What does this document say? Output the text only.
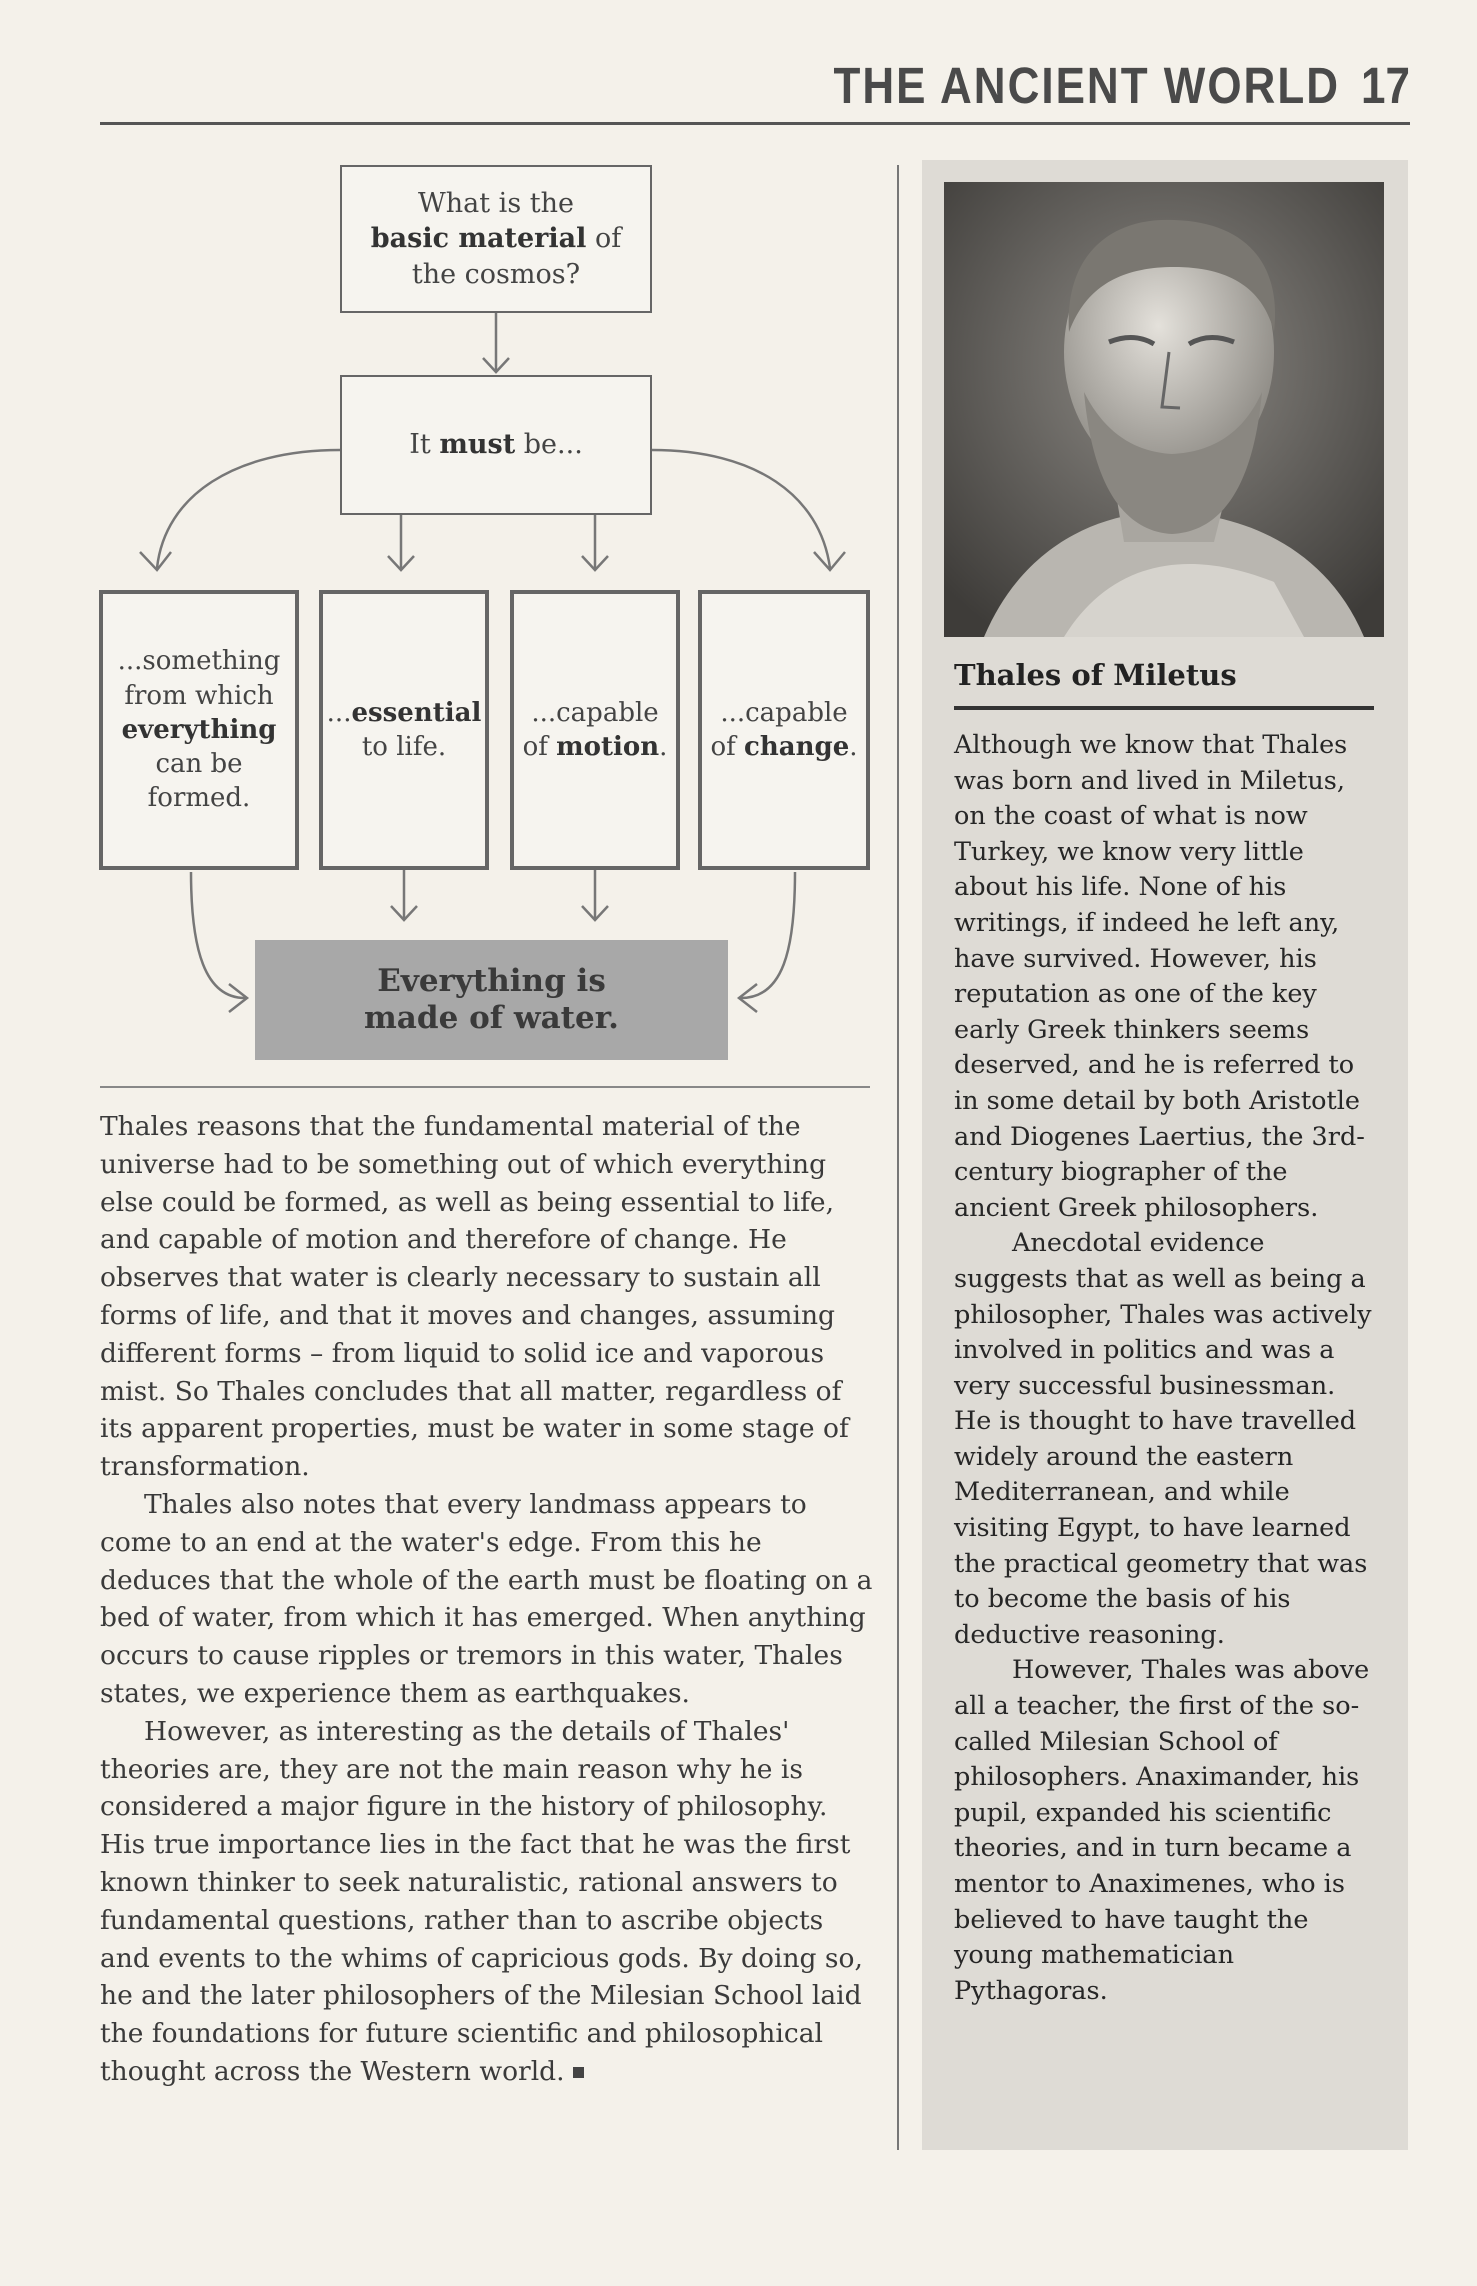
THE ANCIENT WORLD 17
What is the
basic material of
the cosmos?
It must be...
...something from which everything can be formed.
...essential to life.
...capable of motion.
...capable of change.
Everything is
made of water.

Thales reasons that the fundamental material of the universe had to be something out of which everything else could be formed, as well as being essential to life, and capable of motion and therefore of change. He observes that water is clearly necessary to sustain all forms of life, and that it moves and changes, assuming different forms – from liquid to solid ice and vaporous mist. So Thales concludes that all matter, regardless of its apparent properties, must be water in some stage of transformation.

Thales also notes that every landmass appears to come to an end at the water's edge. From this he deduces that the whole of the earth must be floating on a bed of water, from which it has emerged. When anything occurs to cause ripples or tremors in this water, Thales states, we experience them as earthquakes.

However, as interesting as the details of Thales' theories are, they are not the main reason why he is considered a major figure in the history of philosophy. His true importance lies in the fact that he was the first known thinker to seek naturalistic, rational answers to fundamental questions, rather than to ascribe objects and events to the whims of capricious gods. By doing so, he and the later philosophers of the Milesian School laid the foundations for future scientific and philosophical thought across the Western world.

Thales of Miletus

Although we know that Thales was born and lived in Miletus, on the coast of what is now Turkey, we know very little about his life. None of his writings, if indeed he left any, have survived. However, his reputation as one of the key early Greek thinkers seems deserved, and he is referred to in some detail by both Aristotle and Diogenes Laertius, the 3rd-century biographer of the ancient Greek philosophers.

Anecdotal evidence suggests that as well as being a philosopher, Thales was actively involved in politics and was a very successful businessman. He is thought to have travelled widely around the eastern Mediterranean, and while visiting Egypt, to have learned the practical geometry that was to become the basis of his deductive reasoning.

However, Thales was above all a teacher, the first of the so-called Milesian School of philosophers. Anaximander, his pupil, expanded his scientific theories, and in turn became a mentor to Anaximenes, who is believed to have taught the young mathematician Pythagoras.
